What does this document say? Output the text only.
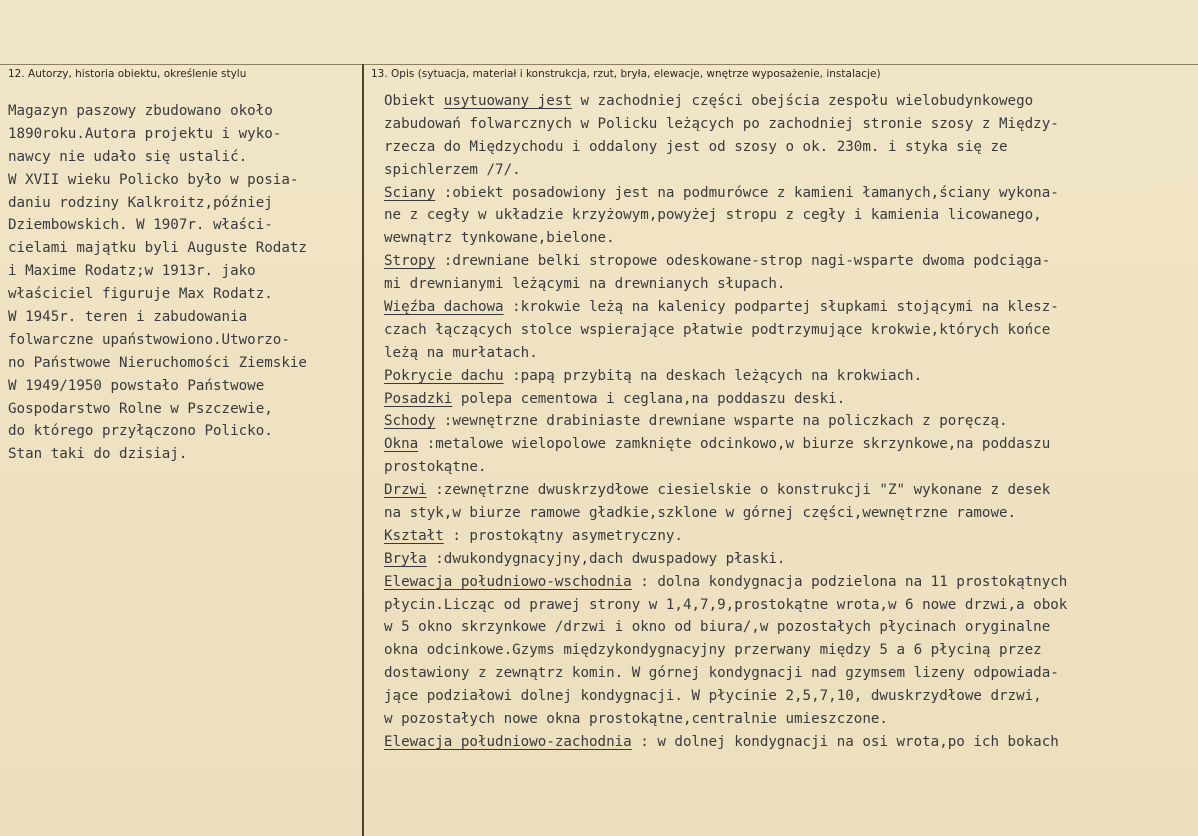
12. Autorzy, historia obiektu, określenie stylu	13. Opis (sytuacja, materiał i konstrukcja, rzut, bryła, elewacje, wnętrze wyposażenie, instalacje)
Magazyn paszowy zbudowano około
1890roku.Autora projektu i wyko-
nawcy nie udało się ustalić.
W XVII wieku Policko było w posia-
daniu rodziny Kalkroitz,później
Dziembowskich. W 1907r. właści-
cielami majątku byli Auguste Rodatz
i Maxime Rodatz;w 1913r. jako
właściciel figuruje Max Rodatz.
W 1945r. teren i zabudowania
folwarczne upaństwowiono.Utworzo-
no Państwowe Nieruchomości Ziemskie
W 1949/1950 powstało Państwowe
Gospodarstwo Rolne w Pszczewie,
do którego przyłączono Policko.
Stan taki do dzisiaj.
Obiekt usytuowany jest w zachodniej części obejścia zespołu wielobudynkowego
zabudowań folwarcznych w Policku leżących po zachodniej stronie szosy z Między-
rzecza do Międzychodu i oddalony jest od szosy o ok. 230m. i styka się ze
spichlerzem /7/.
Sciany :obiekt posadowiony jest na podmurówce z kamieni łamanych,ściany wykona-
ne z cegły w układzie krzyżowym,powyżej stropu z cegły i kamienia licowanego,
wewnątrz tynkowane,bielone.
Stropy :drewniane belki stropowe odeskowane-strop nagi-wsparte dwoma podciąga-
mi drewnianymi leżącymi na drewnianych słupach.
Więźba dachowa :krokwie leżą na kalenicy podpartej słupkami stojącymi na klesz-
czach łączących stolce wspierające płatwie podtrzymujące krokwie,których końce
leżą na murłatach.
Pokrycie dachu :papą przybitą na deskach leżących na krokwiach.
Posadzki polepa cementowa i ceglana,na poddaszu deski.
Schody :wewnętrzne drabiniaste drewniane wsparte na policzkach z poręczą.
Okna :metalowe wielopolowe zamknięte odcinkowo,w biurze skrzynkowe,na poddaszu
prostokątne.
Drzwi :zewnętrzne dwuskrzydłowe ciesielskie o konstrukcji "Z" wykonane z desek
na styk,w biurze ramowe gładkie,szklone w górnej części,wewnętrzne ramowe.
Kształt : prostokątny asymetryczny.
Bryła :dwukondygnacyjny,dach dwuspadowy płaski.
Elewacja południowo-wschodnia : dolna kondygnacja podzielona na 11 prostokątnych
płycin.Licząc od prawej strony w 1,4,7,9,prostokątne wrota,w 6 nowe drzwi,a obok
w 5 okno skrzynkowe /drzwi i okno od biura/,w pozostałych płycinach oryginalne
okna odcinkowe.Gzyms międzykondygnacyjny przerwany między 5 a 6 płyciną przez
dostawiony z zewnątrz komin. W górnej kondygnacji nad gzymsem lizeny odpowiada-
jące podziałowi dolnej kondygnacji. W płycinie 2,5,7,10, dwuskrzydłowe drzwi,
w pozostałych nowe okna prostokątne,centralnie umieszczone.
Elewacja południowo-zachodnia : w dolnej kondygnacji na osi wrota,po ich bokach
